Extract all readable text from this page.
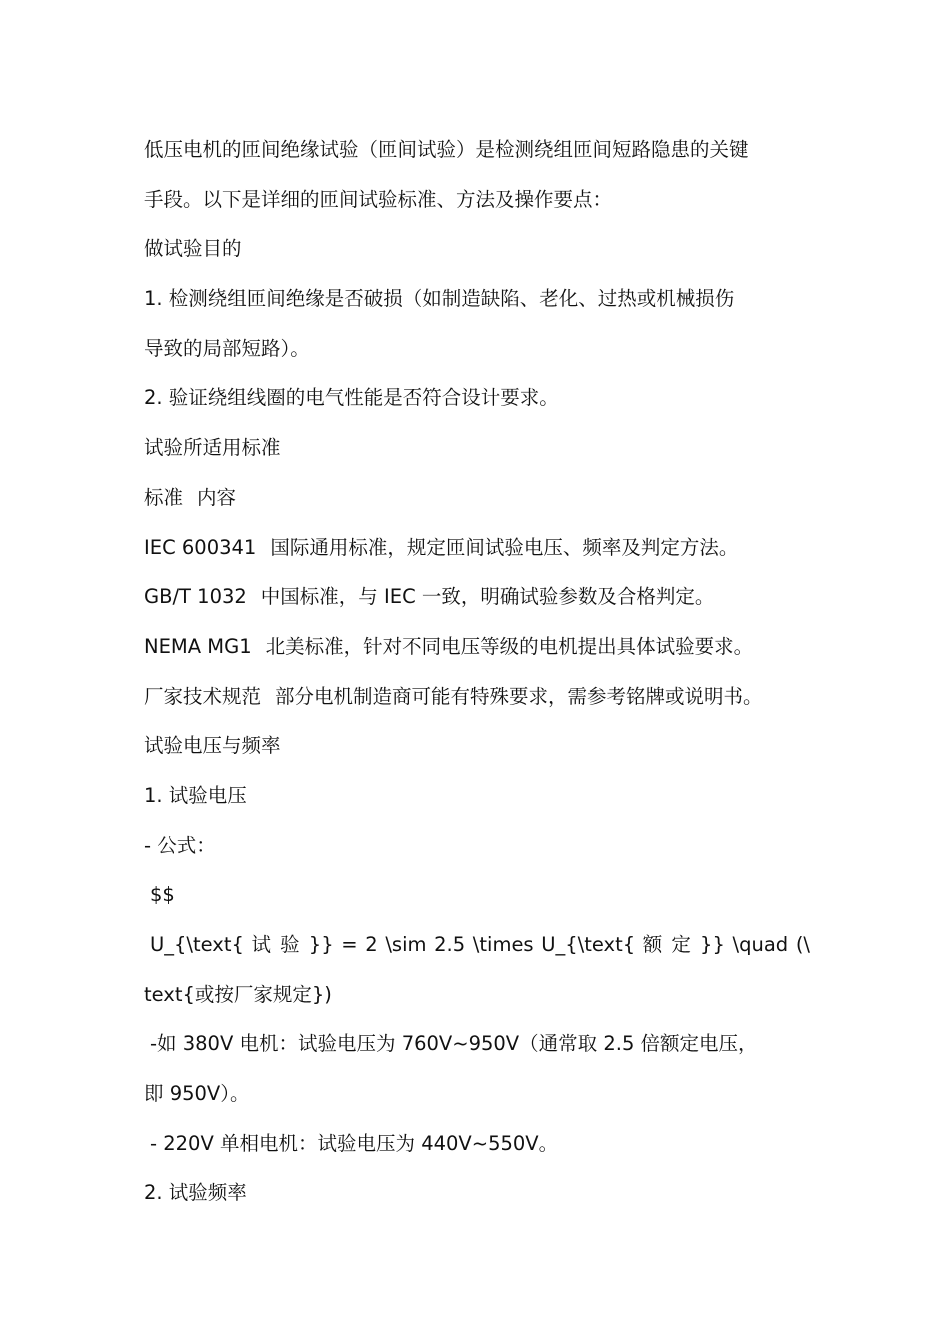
低压电机的匝间绝缘试验（匝间试验）是检测绕组匝间短路隐患的关键
手段。以下是详细的匝间试验标准、方法及操作要点：
做试验目的
1. 检测绕组匝间绝缘是否破损（如制造缺陷、老化、过热或机械损伤
导致的局部短路）。
2. 验证绕组线圈的电气性能是否符合设计要求。
试验所适用标准
标准 内容
IEC 600341 国际通用标准，规定匝间试验电压、频率及判定方法。
GB/T 1032 中国标准，与 IEC 一致，明确试验参数及合格判定。
NEMA MG1 北美标准，针对不同电压等级的电机提出具体试验要求。
厂家技术规范 部分电机制造商可能有特殊要求，需参考铭牌或说明书。
试验电压与频率
1. 试验电压
- 公式：
$$
U_{\text{ 试 验 }} = 2 \sim 2.5 \times U_{\text{ 额 定 }} \quad (\
text{或按厂家规定})
-如 380V 电机：试验电压为 760V~950V（通常取 2.5 倍额定电压，
即 950V）。
- 220V 单相电机：试验电压为 440V~550V。
2. 试验频率
